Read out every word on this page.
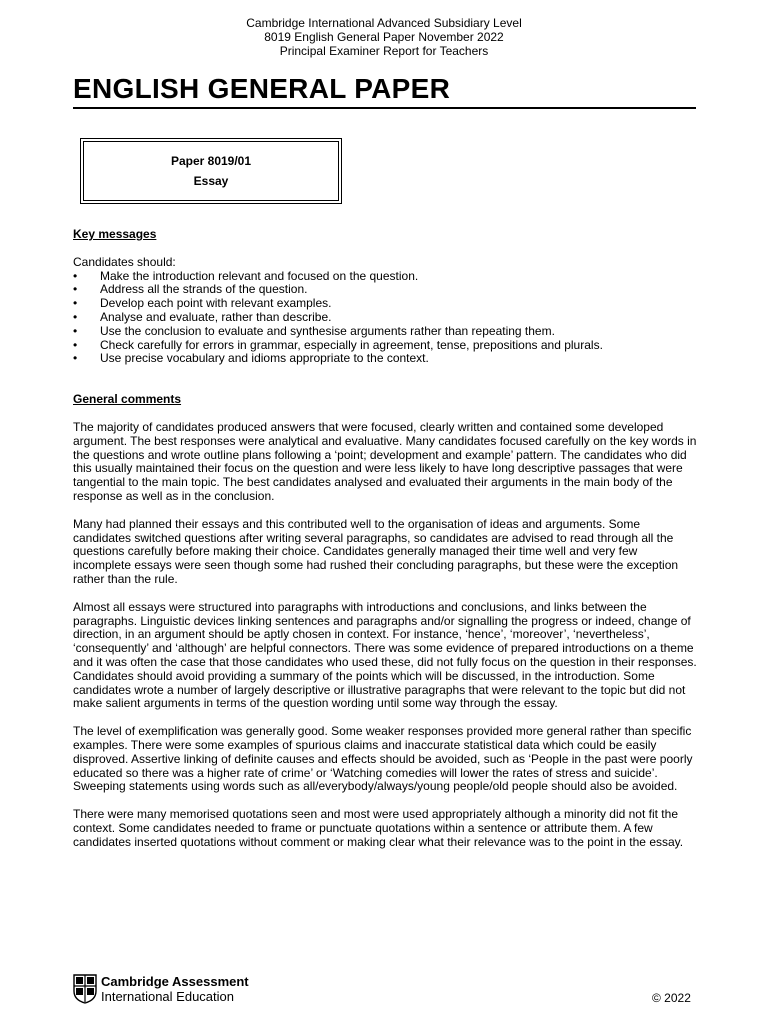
Cambridge International Advanced Subsidiary Level
8019 English General Paper November 2022
Principal Examiner Report for Teachers
ENGLISH GENERAL PAPER
Paper 8019/01
Essay
Key messages
Candidates should:
• Make the introduction relevant and focused on the question.
• Address all the strands of the question.
• Develop each point with relevant examples.
• Analyse and evaluate, rather than describe.
• Use the conclusion to evaluate and synthesise arguments rather than repeating them.
• Check carefully for errors in grammar, especially in agreement, tense, prepositions and plurals.
• Use precise vocabulary and idioms appropriate to the context.
General comments

The majority of candidates produced answers that were focused, clearly written and contained some developed argument. The best responses were analytical and evaluative. Many candidates focused carefully on the key words in the questions and wrote outline plans following a ‘point; development and example’ pattern. The candidates who did this usually maintained their focus on the question and were less likely to have long descriptive passages that were tangential to the main topic. The best candidates analysed and evaluated their arguments in the main body of the response as well as in the conclusion.

Many had planned their essays and this contributed well to the organisation of ideas and arguments. Some candidates switched questions after writing several paragraphs, so candidates are advised to read through all the questions carefully before making their choice. Candidates generally managed their time well and very few incomplete essays were seen though some had rushed their concluding paragraphs, but these were the exception rather than the rule.

Almost all essays were structured into paragraphs with introductions and conclusions, and links between the paragraphs. Linguistic devices linking sentences and paragraphs and/or signalling the progress or indeed, change of direction, in an argument should be aptly chosen in context. For instance, ‘hence’, ‘moreover’, ‘nevertheless’, ‘consequently’ and ‘although’ are helpful connectors. There was some evidence of prepared introductions on a theme and it was often the case that those candidates who used these, did not fully focus on the question in their responses. Candidates should avoid providing a summary of the points which will be discussed, in the introduction. Some candidates wrote a number of largely descriptive or illustrative paragraphs that were relevant to the topic but did not make salient arguments in terms of the question wording until some way through the essay.

The level of exemplification was generally good. Some weaker responses provided more general rather than specific examples. There were some examples of spurious claims and inaccurate statistical data which could be easily disproved. Assertive linking of definite causes and effects should be avoided, such as ‘People in the past were poorly educated so there was a higher rate of crime’ or ‘Watching comedies will lower the rates of stress and suicide’. Sweeping statements using words such as all/everybody/always/young people/old people should also be avoided.

There were many memorised quotations seen and most were used appropriately although a minority did not fit the context. Some candidates needed to frame or punctuate quotations within a sentence or attribute them. A few candidates inserted quotations without comment or making clear what their relevance was to the point in the essay.

Cambridge Assessment
International Education	© 2022
